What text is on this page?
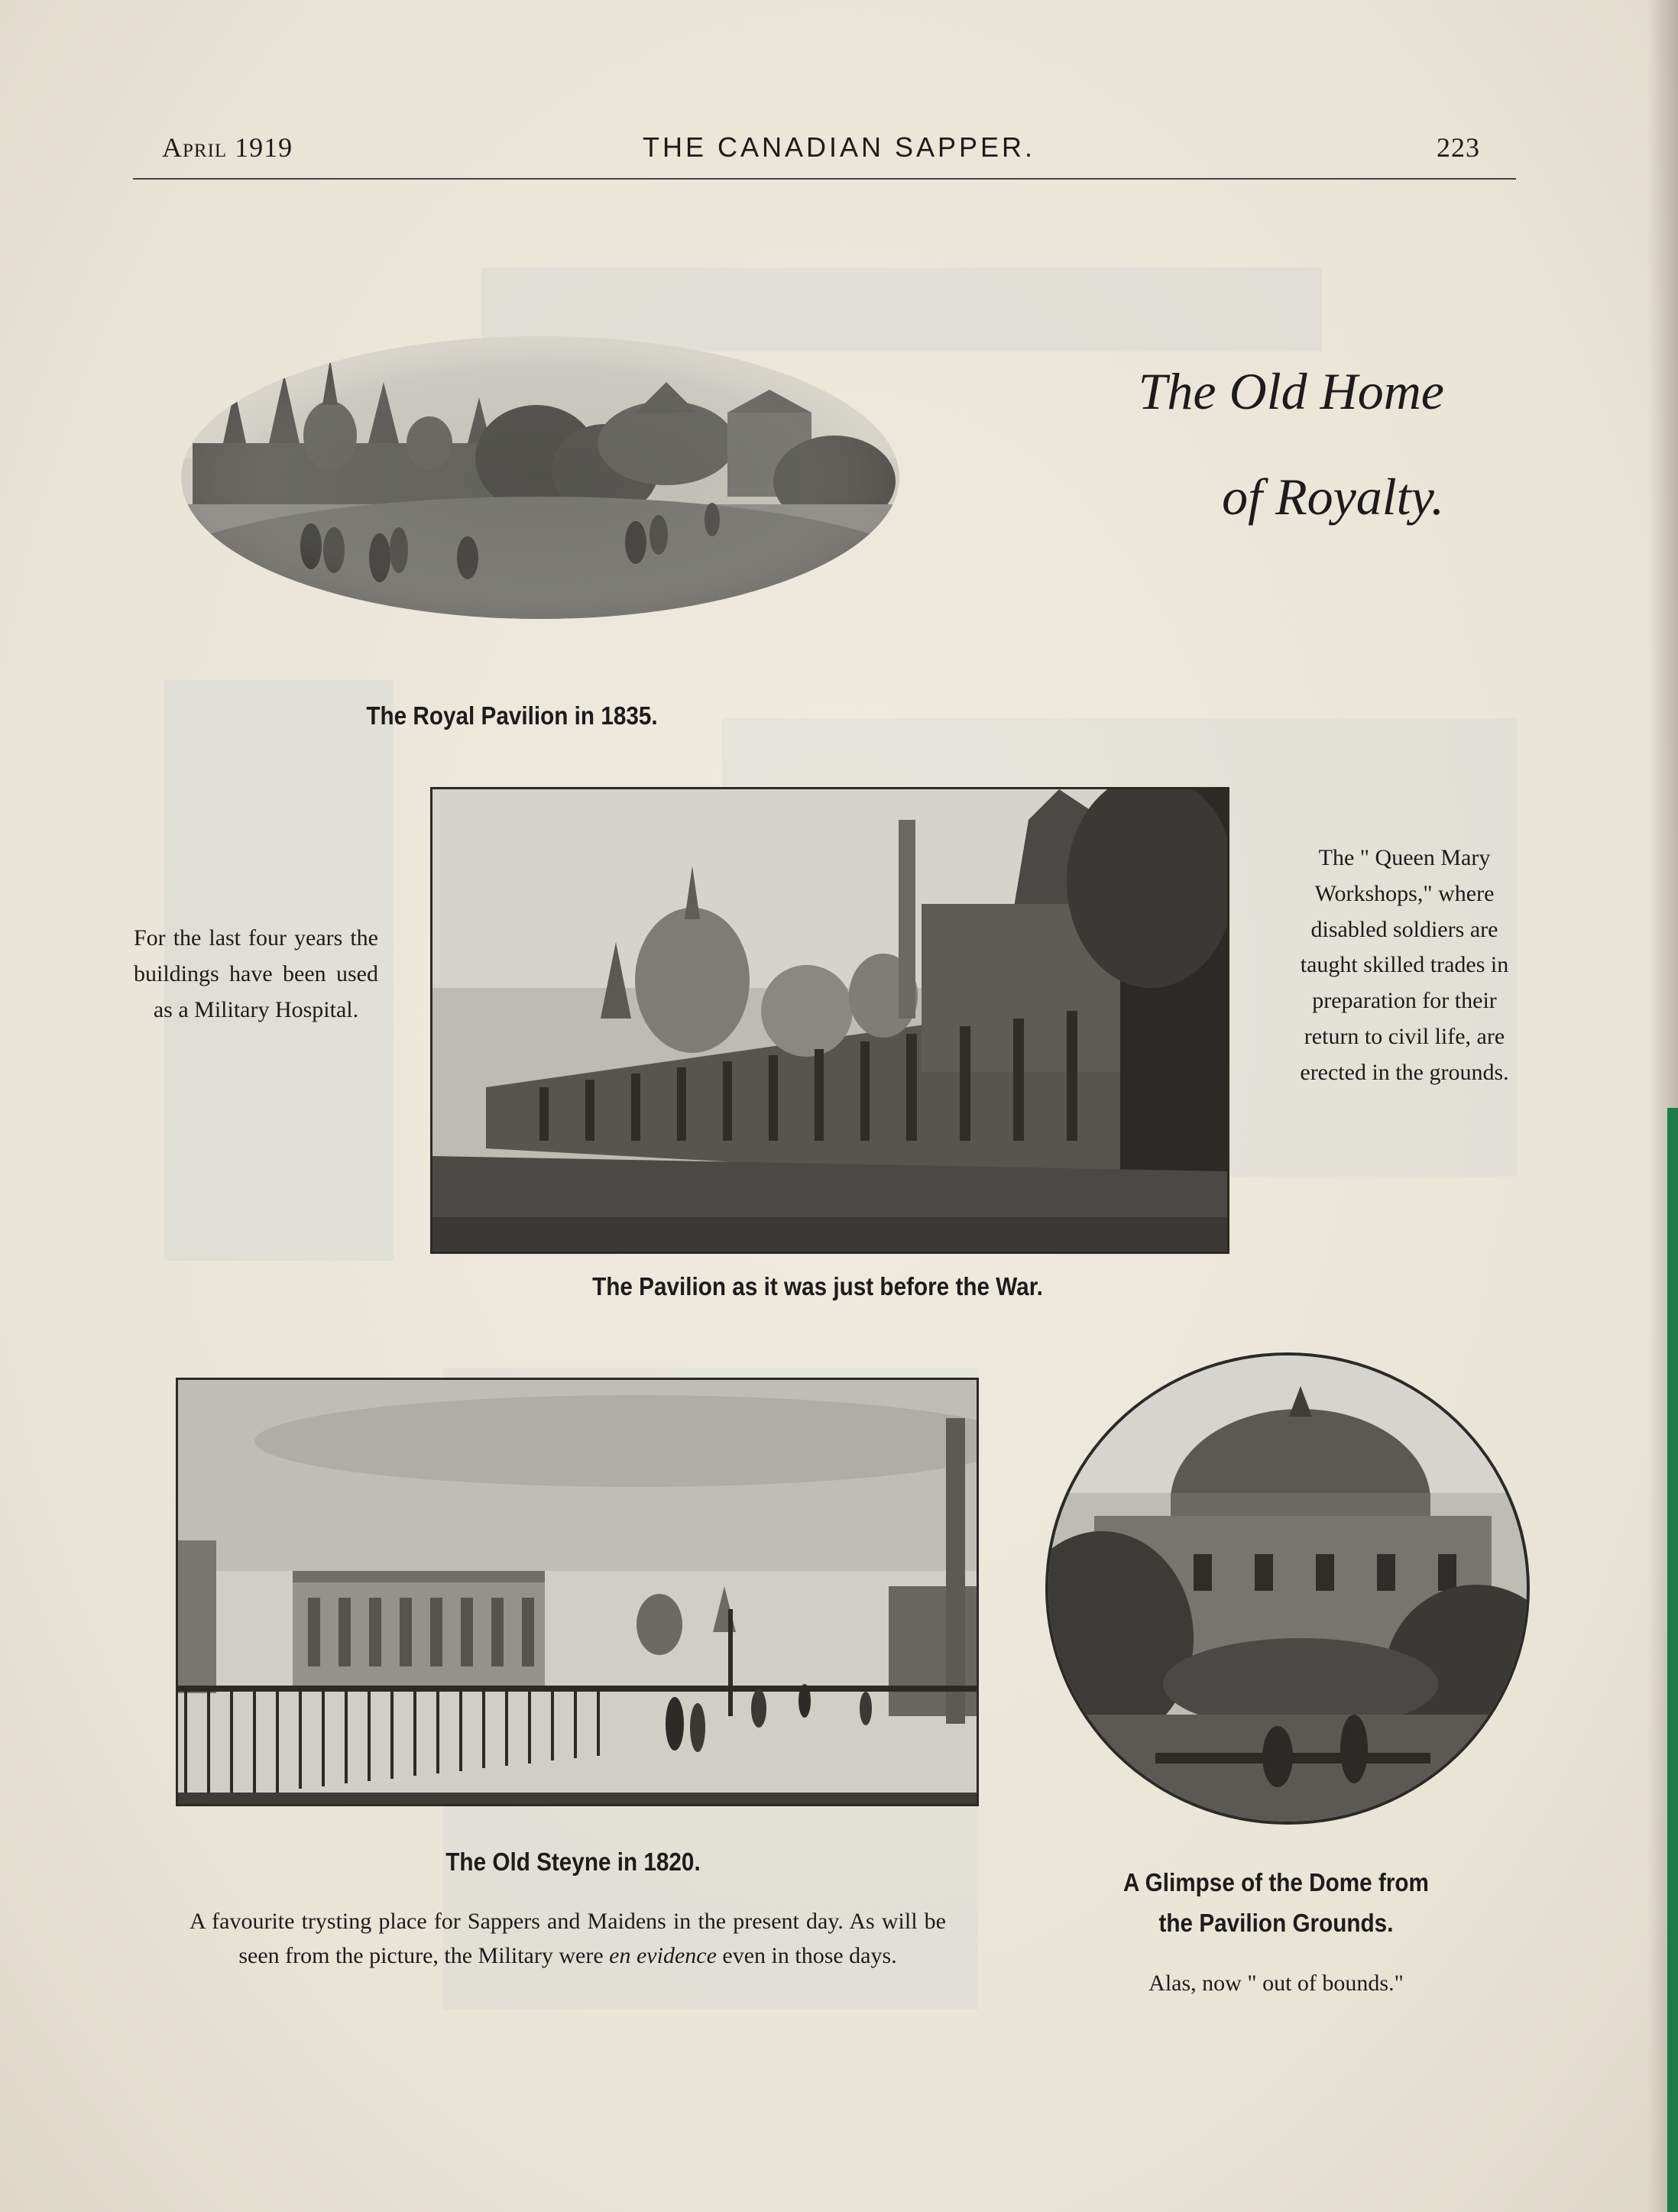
April 1919	THE CANADIAN SAPPER.	223
The Old Home
of Royalty.
The Royal Pavilion in 1835.
For the last four years the buildings have been used as a Military Hospital.
The Pavilion as it was just before the War.
The " Queen Mary Workshops," where disabled soldiers are taught skilled trades in preparation for their return to civil life, are erected in the grounds.
The Old Steyne in 1820.
A favourite trysting place for Sappers and Maidens in the present day. As will be seen from the picture, the Military were en evidence even in those days.
A Glimpse of the Dome from
the Pavilion Grounds.
Alas, now " out of bounds."
